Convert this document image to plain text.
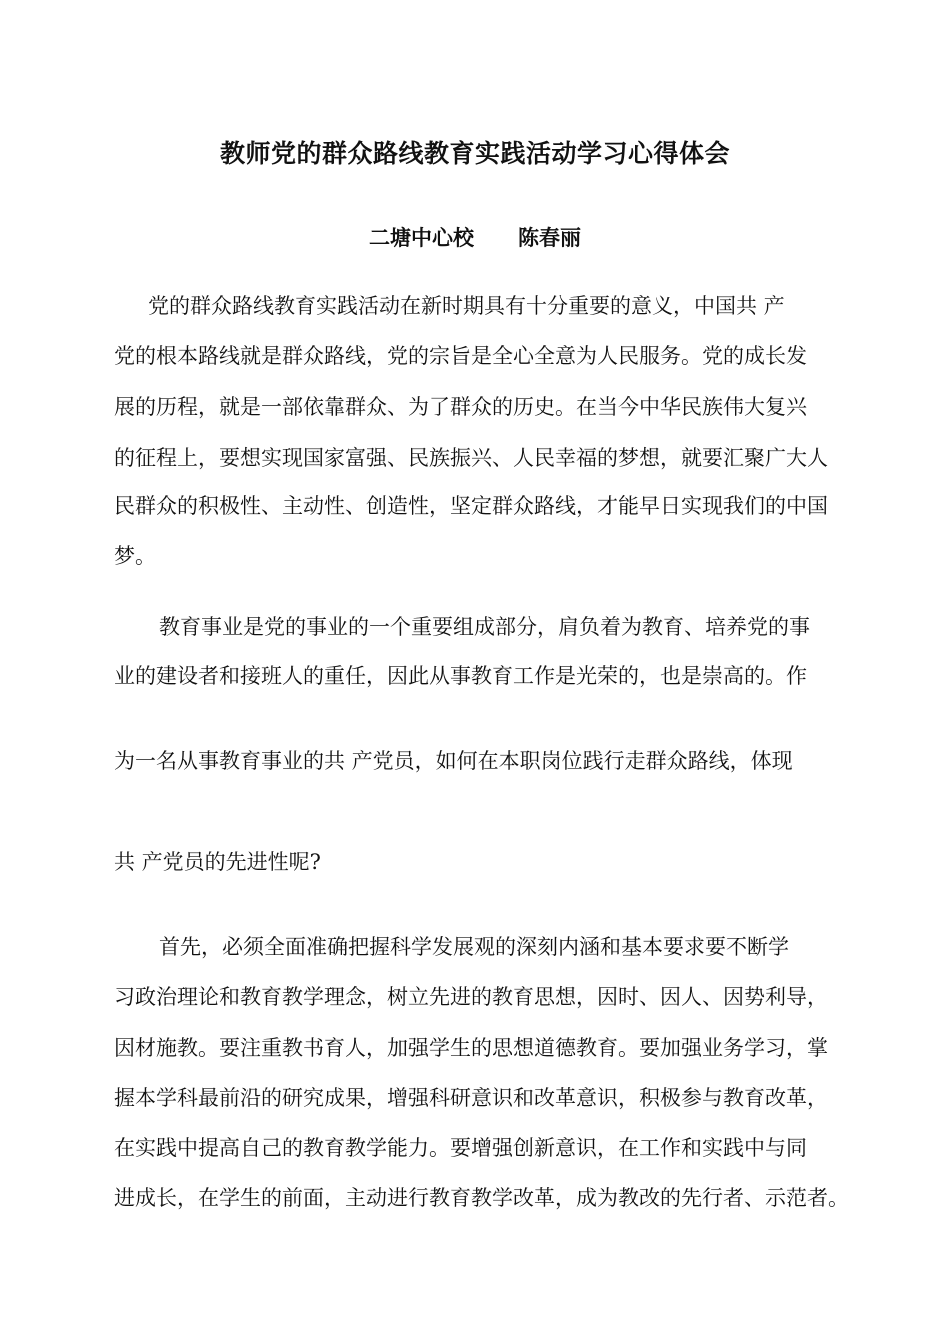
教师党的群众路线教育实践活动学习心得体会
二塘中心校 陈春丽
党的群众路线教育实践活动在新时期具有十分重要的意义，中国共 产
党的根本路线就是群众路线，党的宗旨是全心全意为人民服务。党的成长发
展的历程，就是一部依靠群众、为了群众的历史。在当今中华民族伟大复兴
的征程上，要想实现国家富强、民族振兴、人民幸福的梦想，就要汇聚广大人
民群众的积极性、主动性、创造性，坚定群众路线，才能早日实现我们的中国
梦。
教育事业是党的事业的一个重要组成部分，肩负着为教育、培养党的事
业的建设者和接班人的重任，因此从事教育工作是光荣的，也是崇高的。作
为一名从事教育事业的共 产党员，如何在本职岗位践行走群众路线，体现
共 产党员的先进性呢?
首先，必须全面准确把握科学发展观的深刻内涵和基本要求要不断学
习政治理论和教育教学理念，树立先进的教育思想，因时、因人、因势利导，
因材施教。要注重教书育人，加强学生的思想道德教育。要加强业务学习，掌
握本学科最前沿的研究成果，增强科研意识和改革意识，积极参与教育改革，
在实践中提高自己的教育教学能力。要增强创新意识，在工作和实践中与同
进成长，在学生的前面，主动进行教育教学改革，成为教改的先行者、示范者。
